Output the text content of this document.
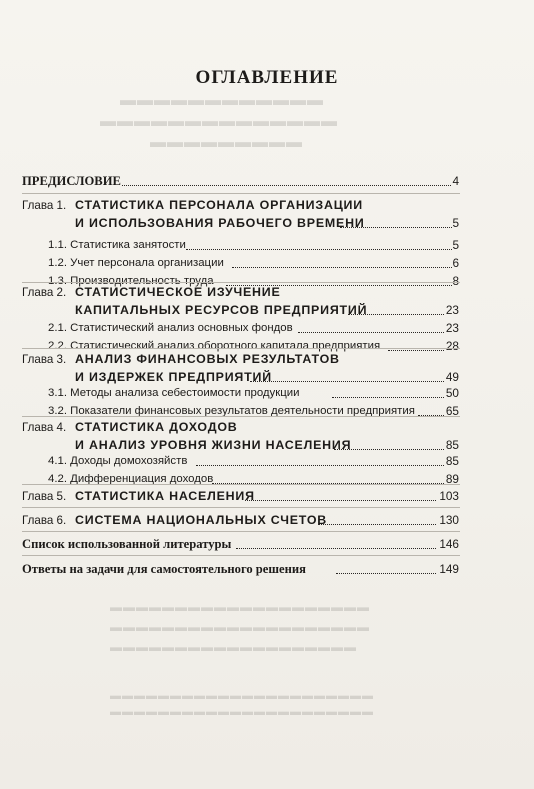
▬▬▬▬▬▬▬▬▬▬▬▬
▬▬▬▬▬▬▬▬▬▬▬▬▬▬
▬▬▬▬▬▬▬▬▬
ОГЛАВЛЕНИЕ
ПРЕДИСЛОВИЕ	4
Глава 1. СТАТИСТИКА ПЕРСОНАЛА ОРГАНИЗАЦИИ
И ИСПОЛЬЗОВАНИЯ РАБОЧЕГО ВРЕМЕНИ	5
1.1. Статистика занятости	5
1.2. Учет персонала организации	6
1.3. Производительность труда	8
Глава 2. СТАТИСТИЧЕСКОЕ ИЗУЧЕНИЕ
КАПИТАЛЬНЫХ РЕСУРСОВ ПРЕДПРИЯТИЙ	23
2.1. Статистический анализ основных фондов	23
2.2. Статистический анализ оборотного капитала предприятия	28
Глава 3. АНАЛИЗ ФИНАНСОВЫХ РЕЗУЛЬТАТОВ
И ИЗДЕРЖЕК ПРЕДПРИЯТИЙ	49
3.1. Методы анализа себестоимости продукции	50
3.2. Показатели финансовых результатов деятельности предприятия	65
Глава 4. СТАТИСТИКА ДОХОДОВ
И АНАЛИЗ УРОВНЯ ЖИЗНИ НАСЕЛЕНИЯ	85
4.1. Доходы домохозяйств	85
4.2. Дифференциация доходов	89
Глава 5. СТАТИСТИКА НАСЕЛЕНИЯ	103
Глава 6. СИСТЕМА НАЦИОНАЛЬНЫХ СЧЕТОВ	130
Список использованной литературы	146
Ответы на задачи для самостоятельного решения	149
▬▬▬▬▬▬▬▬▬▬▬▬▬▬▬▬▬▬▬▬
▬▬▬▬▬▬▬▬▬▬▬▬▬▬▬▬▬▬▬▬
▬▬▬▬▬▬▬▬▬▬▬▬▬▬▬▬▬▬▬
▬▬▬▬▬▬▬▬▬▬▬▬▬▬▬▬▬▬▬▬▬▬
▬▬▬▬▬▬▬▬▬▬▬▬▬▬▬▬▬▬▬▬▬▬
